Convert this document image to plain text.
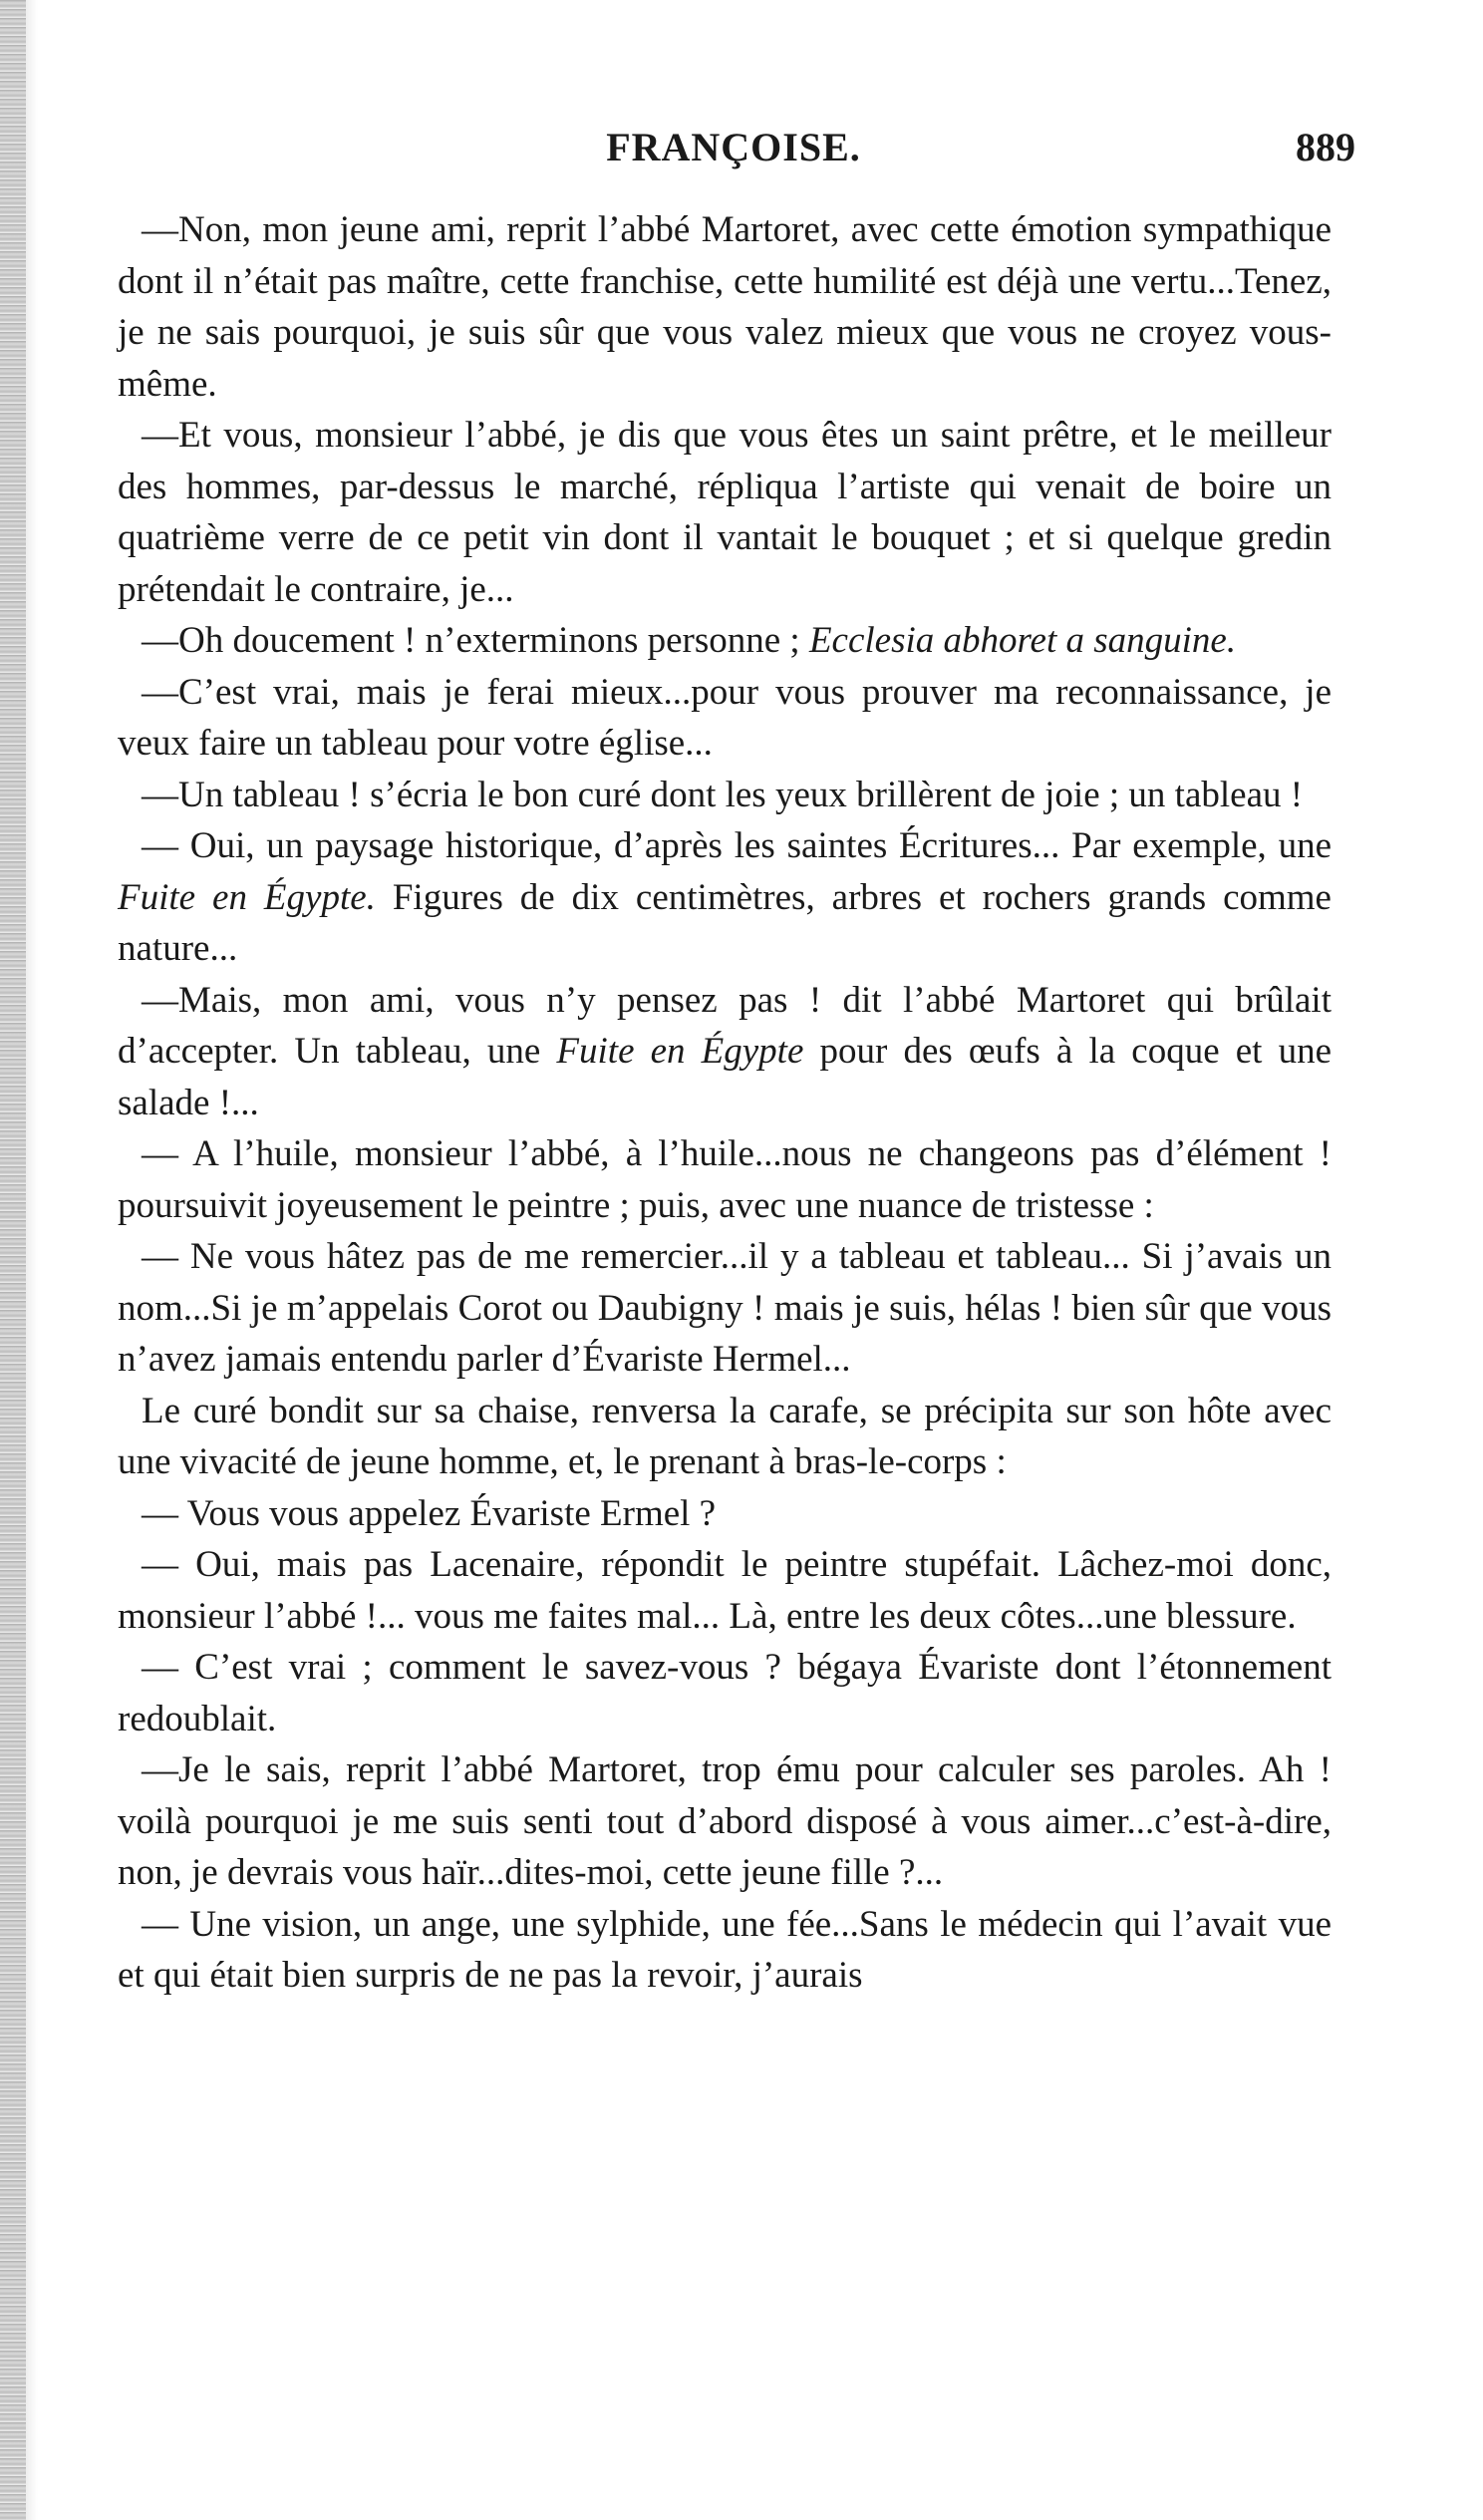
FRANÇOISE.	889

—Non, mon jeune ami, reprit l’abbé Martoret, avec cette émotion sympathique dont il n’était pas maître, cette franchise, cette humilité est déjà une vertu...Tenez, je ne sais pourquoi, je suis sûr que vous valez mieux que vous ne croyez vous-même.

—Et vous, monsieur l’abbé, je dis que vous êtes un saint prêtre, et le meilleur des hommes, par-dessus le marché, répliqua l’artiste qui venait de boire un quatrième verre de ce petit vin dont il vantait le bouquet ; et si quelque gredin prétendait le contraire, je...

—Oh doucement ! n’exterminons personne ; Ecclesia abhoret a sanguine.

—C’est vrai, mais je ferai mieux...pour vous prouver ma reconnaissance, je veux faire un tableau pour votre église...

—Un tableau ! s’écria le bon curé dont les yeux brillèrent de joie ; un tableau !

— Oui, un paysage historique, d’après les saintes Écritures... Par exemple, une Fuite en Égypte. Figures de dix centimètres, arbres et rochers grands comme nature...

—Mais, mon ami, vous n’y pensez pas ! dit l’abbé Martoret qui brûlait d’accepter. Un tableau, une Fuite en Égypte pour des œufs à la coque et une salade !...

— A l’huile, monsieur l’abbé, à l’huile...nous ne changeons pas d’élément ! poursuivit joyeusement le peintre ; puis, avec une nuance de tristesse :

— Ne vous hâtez pas de me remercier...il y a tableau et tableau... Si j’avais un nom...Si je m’appelais Corot ou Daubigny ! mais je suis, hélas ! bien sûr que vous n’avez jamais entendu parler d’Évariste Hermel...

Le curé bondit sur sa chaise, renversa la carafe, se précipita sur son hôte avec une vivacité de jeune homme, et, le prenant à bras-le-corps :

— Vous vous appelez Évariste Ermel ?

— Oui, mais pas Lacenaire, répondit le peintre stupéfait. Lâchez-moi donc, monsieur l’abbé !... vous me faites mal... Là, entre les deux côtes...une blessure.

— C’est vrai ; comment le savez-vous ? bégaya Évariste dont l’étonnement redoublait.

—Je le sais, reprit l’abbé Martoret, trop ému pour calculer ses paroles. Ah ! voilà pourquoi je me suis senti tout d’abord disposé à vous aimer...c’est-à-dire, non, je devrais vous haïr...dites-moi, cette jeune fille ?...

— Une vision, un ange, une sylphide, une fée...Sans le médecin qui l’avait vue et qui était bien surpris de ne pas la revoir, j’aurais
